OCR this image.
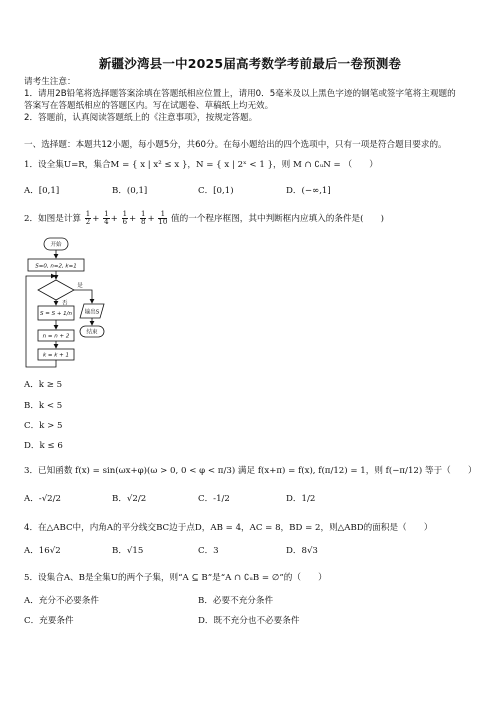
新疆沙湾县一中2025届高考数学考前最后一卷预测卷
请考生注意：
1．请用2B铅笔将选择题答案涂填在答题纸相应位置上，请用0．5毫米及以上黑色字迹的钢笔或签字笔将主观题的
答案写在答题纸相应的答题区内。写在试题卷、草稿纸上均无效。
2．答题前，认真阅读答题纸上的《注意事项》，按规定答题。
一、选择题：本题共12小题，每小题5分，共60分。在每小题给出的四个选项中，只有一项是符合题目要求的。
1．设全集U=R，集合M = { x | x² ≤ x }，N = { x | 2ˣ < 1 }，则 M ∩ ∁ᵤN = （　　）
A．[0,1]	B．(0,1]	C．[0,1)	D．(−∞,1]
2．如图是计算 $\frac{1}{2} + \frac{1}{4} + \frac{1}{6} + \frac{1}{8} + \frac{1}{10}$ 值的一个程序框图，其中判断框内应填入的条件是(　　)
开始
S=0, n=2, k=1
是
否
S = S + 1/n 输出S
结束
n = n + 2
k = k + 1
A．k ≥ 5
B．k < 5
C．k > 5
D．k ≤ 6
3．已知函数 f(x) = sin(ωx+φ)(ω > 0, 0 < φ < π/3) 满足 f(x+π) = f(x), f(π/12) = 1，则 f(−π/12) 等于（　　）
A．-√2/2	B．√2/2	C．-1/2	D．1/2
4．在△ABC中，内角A的平分线交BC边于点D，AB = 4，AC = 8，BD = 2，则△ABD的面积是（　　）
A．16√2	B．√15	C．3	D．8√3
5．设集合A、B是全集U的两个子集，则“A ⊆ B”是“A ∩ ∁ᵤB = ∅”的（　　）
A．充分不必要条件	B．必要不充分条件
C．充要条件	D．既不充分也不必要条件
